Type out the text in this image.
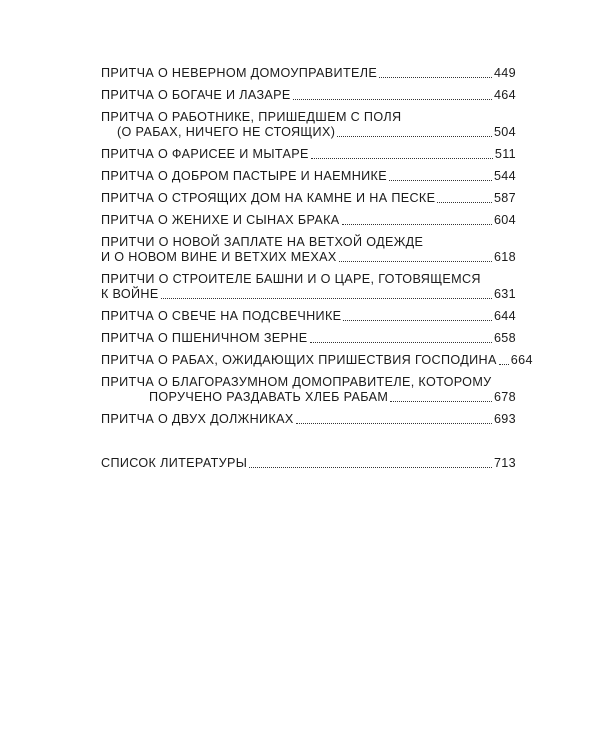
ПРИТЧА О НЕВЕРНОМ ДОМОУПРАВИТЕЛЕ	449
ПРИТЧА О БОГАЧЕ И ЛАЗАРЕ	464
ПРИТЧА О РАБОТНИКЕ, ПРИШЕДШЕМ С ПОЛЯ
(О РАБАХ, НИЧЕГО НЕ СТОЯЩИХ)	504
ПРИТЧА О ФАРИСЕЕ И МЫТАРЕ	511
ПРИТЧА О ДОБРОМ ПАСТЫРЕ И НАЕМНИКЕ	544
ПРИТЧА О СТРОЯЩИХ ДОМ НА КАМНЕ И НА ПЕСКЕ	587
ПРИТЧА О ЖЕНИХЕ И СЫНАХ БРАКА	604
ПРИТЧИ О НОВОЙ ЗАПЛАТЕ НА ВЕТХОЙ ОДЕЖДЕ
И О НОВОМ ВИНЕ И ВЕТХИХ МЕХАХ	618
ПРИТЧИ О СТРОИТЕЛЕ БАШНИ И О ЦАРЕ, ГОТОВЯЩЕМСЯ
К ВОЙНЕ	631
ПРИТЧА О СВЕЧЕ НА ПОДСВЕЧНИКЕ	644
ПРИТЧА О ПШЕНИЧНОМ ЗЕРНЕ	658
ПРИТЧА О РАБАХ, ОЖИДАЮЩИХ ПРИШЕСТВИЯ ГОСПОДИНА 664
ПРИТЧА О БЛАГОРАЗУМНОМ ДОМОПРАВИТЕЛЕ, КОТОРОМУ
ПОРУЧЕНО РАЗДАВАТЬ ХЛЕБ РАБАМ	678
ПРИТЧА О ДВУХ ДОЛЖНИКАХ	693
СПИСОК ЛИТЕРАТУРЫ	713
